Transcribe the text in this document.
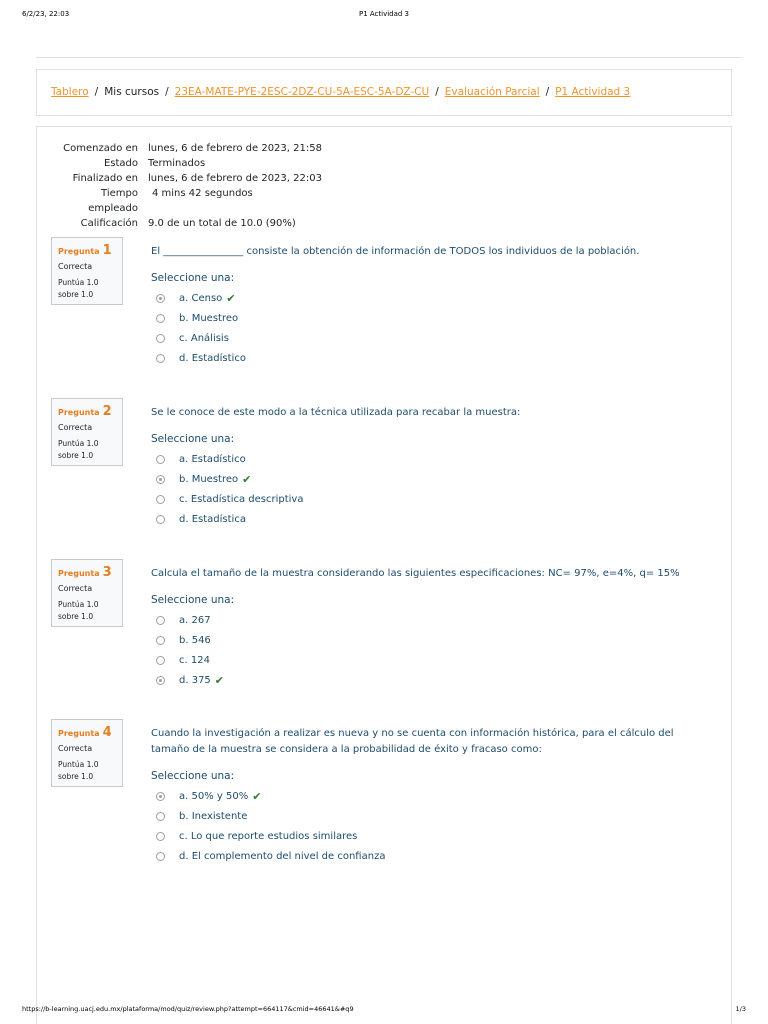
6/2/23, 22:03	P1 Actividad 3
Tablero / Mis cursos / 23EA-MATE-PYE-2ESC-2DZ-CU-5A-ESC-5A-DZ-CU / Evaluación Parcial / P1 Actividad 3
Comenzado en	lunes, 6 de febrero de 2023, 21:58
Estado	Terminados
Finalizado en	lunes, 6 de febrero de 2023, 22:03
Tiempo	4 mins 42 segundos
empleado
Calificación	9.0 de un total de 10.0 (90%)
Pregunta 1
Correcta
Puntúa 1.0
sobre 1.0
El ________________ consiste la obtención de información de TODOS los individuos de la población.
Seleccione una:
a. Censo ✔
b. Muestreo
c. Análisis
d. Estadístico
Pregunta 2
Correcta
Puntúa 1.0
sobre 1.0
Se le conoce de este modo a la técnica utilizada para recabar la muestra:
Seleccione una:
a. Estadístico
b. Muestreo ✔
c. Estadística descriptiva
d. Estadística
Pregunta 3
Correcta
Puntúa 1.0
sobre 1.0
Calcula el tamaño de la muestra considerando las siguientes especificaciones: NC= 97%, e=4%, q= 15%
Seleccione una:
a. 267
b. 546
c. 124
d. 375 ✔
Pregunta 4
Correcta
Puntúa 1.0
sobre 1.0
Cuando la investigación a realizar es nueva y no se cuenta con información histórica, para el cálculo del tamaño de la muestra se considera a la probabilidad de éxito y fracaso como:
Seleccione una:
a. 50% y 50% ✔
b. Inexistente
c. Lo que reporte estudios similares
d. El complemento del nivel de confianza
https://b-learning.uacj.edu.mx/plataforma/mod/quiz/review.php?attempt=664117&cmid=46641&#q9	1/3
